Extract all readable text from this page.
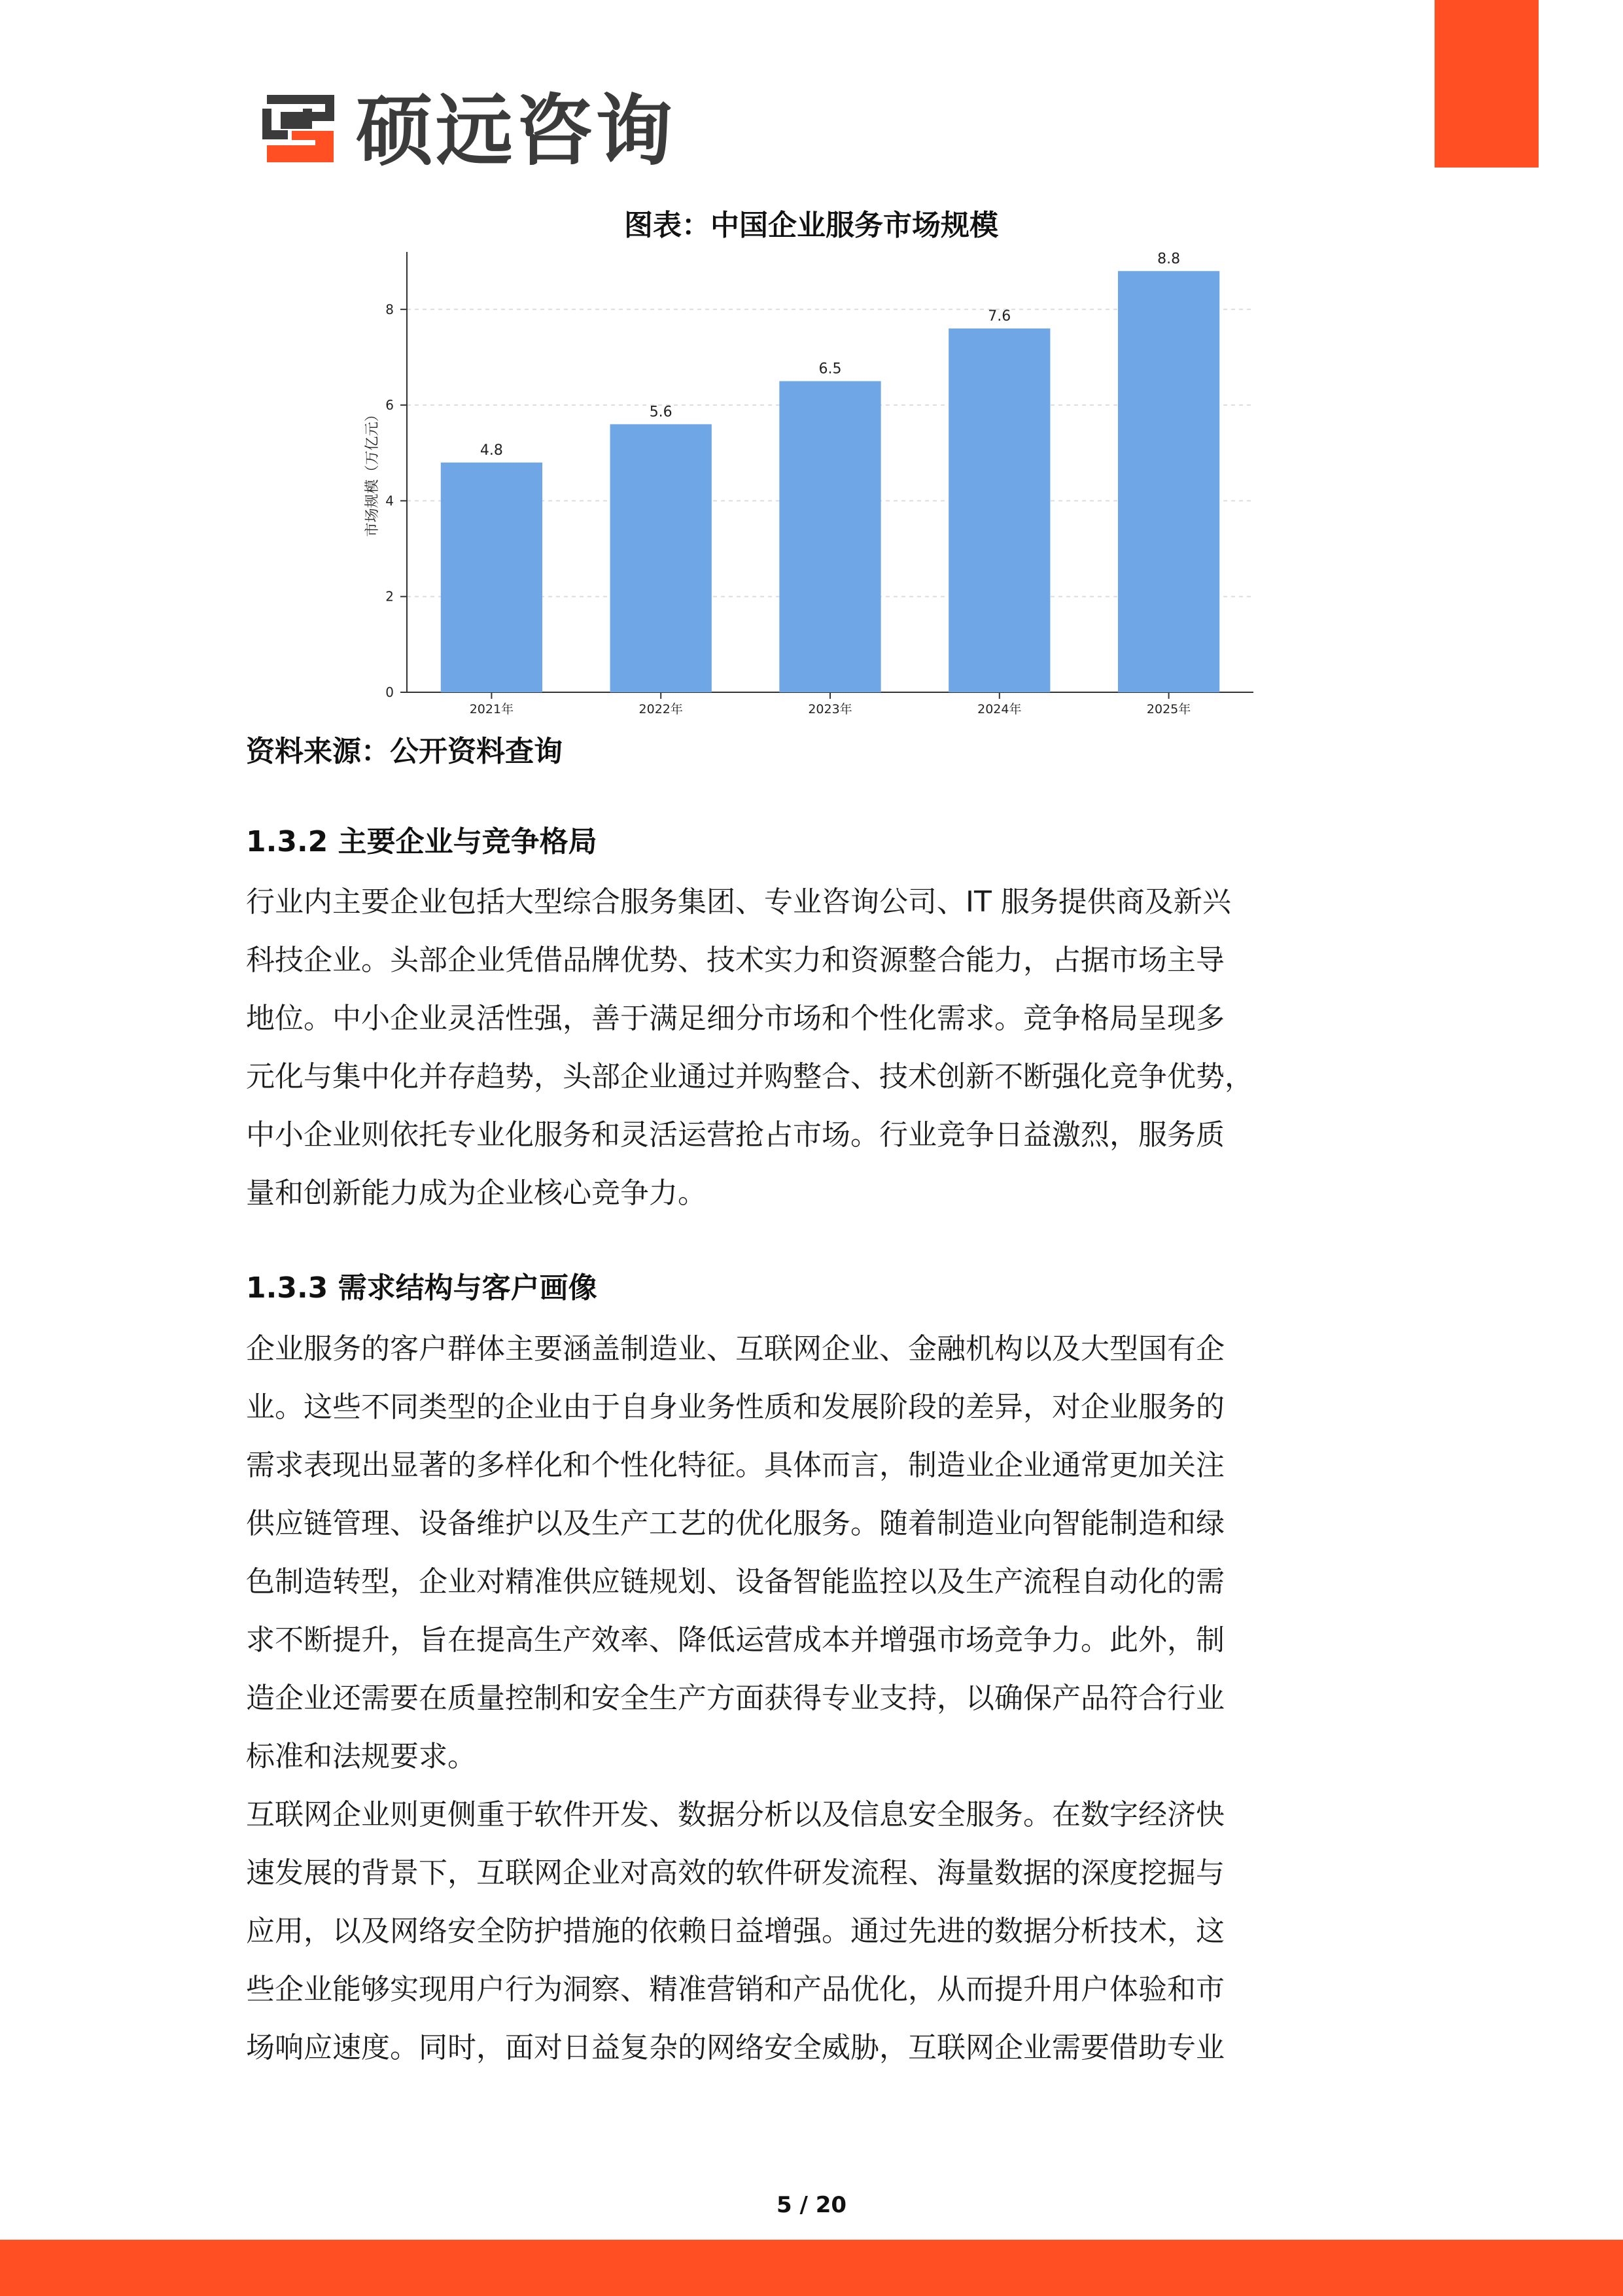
硕远咨询
图表：中国企业服务市场规模
0
2
4
6
8
市场规模（万亿元）	4.8
2021年
5.6
2022年
6.5
2023年
7.6
2024年
8.8
2025年
资料来源：公开资料查询
1.3.2 主要企业与竞争格局
行业内主要企业包括大型综合服务集团、专业咨询公司、IT 服务提供商及新兴
科技企业。头部企业凭借品牌优势、技术实力和资源整合能力，占据市场主导
地位。中小企业灵活性强，善于满足细分市场和个性化需求。竞争格局呈现多
元化与集中化并存趋势，头部企业通过并购整合、技术创新不断强化竞争优势，
中小企业则依托专业化服务和灵活运营抢占市场。行业竞争日益激烈，服务质
量和创新能力成为企业核心竞争力。
1.3.3 需求结构与客户画像
企业服务的客户群体主要涵盖制造业、互联网企业、金融机构以及大型国有企
业。这些不同类型的企业由于自身业务性质和发展阶段的差异，对企业服务的
需求表现出显著的多样化和个性化特征。具体而言，制造业企业通常更加关注
供应链管理、设备维护以及生产工艺的优化服务。随着制造业向智能制造和绿
色制造转型，企业对精准供应链规划、设备智能监控以及生产流程自动化的需
求不断提升，旨在提高生产效率、降低运营成本并增强市场竞争力。此外，制
造企业还需要在质量控制和安全生产方面获得专业支持，以确保产品符合行业
标准和法规要求。
互联网企业则更侧重于软件开发、数据分析以及信息安全服务。在数字经济快
速发展的背景下，互联网企业对高效的软件研发流程、海量数据的深度挖掘与
应用，以及网络安全防护措施的依赖日益增强。通过先进的数据分析技术，这
些企业能够实现用户行为洞察、精准营销和产品优化，从而提升用户体验和市
场响应速度。同时，面对日益复杂的网络安全威胁，互联网企业需要借助专业
5 / 20
